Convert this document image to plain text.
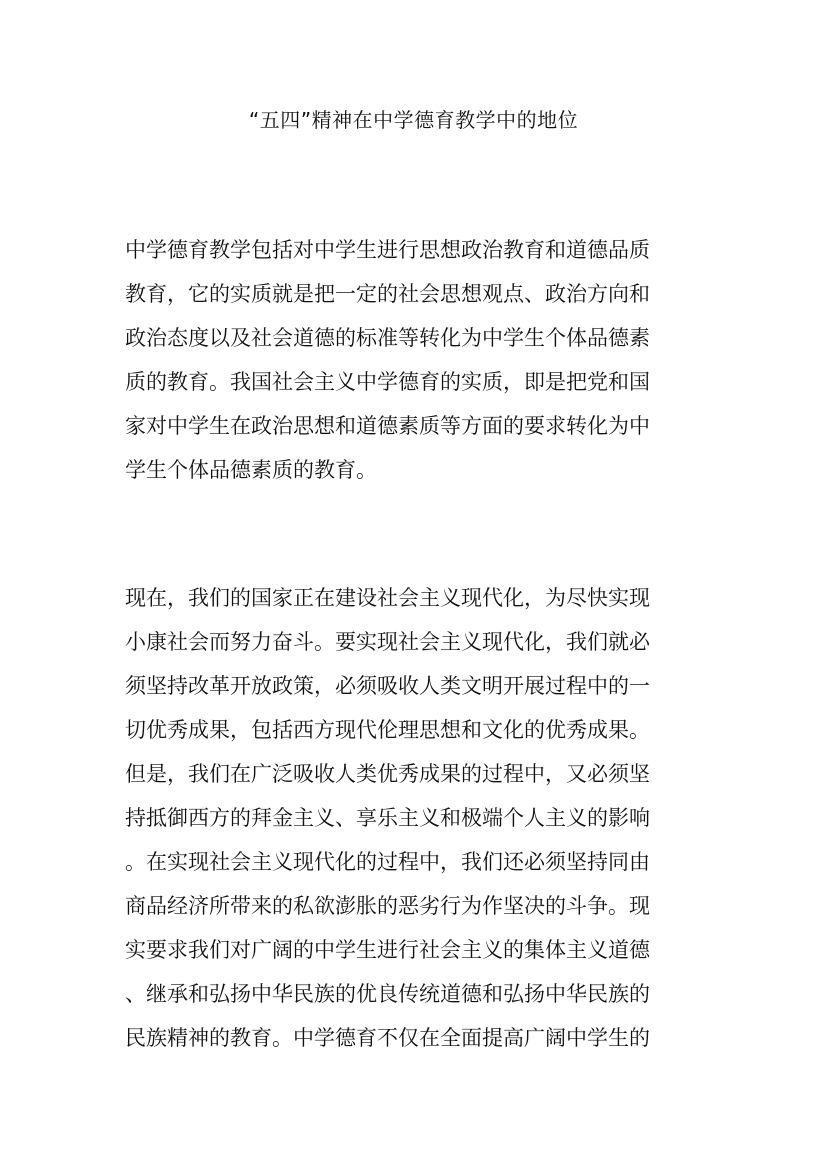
“五四”精神在中学德育教学中的地位
中学德育教学包括对中学生进行思想政治教育和道德品质
教育，它的实质就是把一定的社会思想观点、政治方向和
政治态度以及社会道德的标准等转化为中学生个体品德素
质的教育。我国社会主义中学德育的实质，即是把党和国
家对中学生在政治思想和道德素质等方面的要求转化为中
学生个体品德素质的教育。
现在，我们的国家正在建设社会主义现代化，为尽快实现
小康社会而努力奋斗。要实现社会主义现代化，我们就必
须坚持改革开放政策，必须吸收人类文明开展过程中的一
切优秀成果，包括西方现代伦理思想和文化的优秀成果。
但是，我们在广泛吸收人类优秀成果的过程中，又必须坚
持抵御西方的拜金主义、享乐主义和极端个人主义的影响
。在实现社会主义现代化的过程中，我们还必须坚持同由
商品经济所带来的私欲澎胀的恶劣行为作坚决的斗争。现
实要求我们对广阔的中学生进行社会主义的集体主义道德
、继承和弘扬中华民族的优良传统道德和弘扬中华民族的
民族精神的教育。中学德育不仅在全面提高广阔中学生的
